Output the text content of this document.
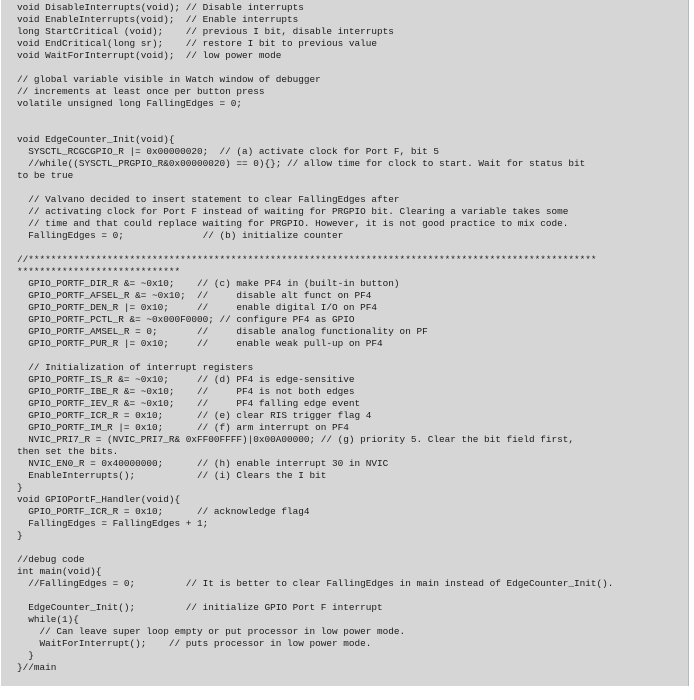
void DisableInterrupts(void); // Disable interrupts
void EnableInterrupts(void);  // Enable interrupts
long StartCritical (void);    // previous I bit, disable interrupts
void EndCritical(long sr);    // restore I bit to previous value
void WaitForInterrupt(void);  // low power mode
// global variable visible in Watch window of debugger
// increments at least once per button press
volatile unsigned long FallingEdges = 0;
void EdgeCounter_Init(void){
SYSCTL_RCGCGPIO_R |= 0x00000020;  // (a) activate clock for Port F, bit 5
//while((SYSCTL_PRGPIO_R&0x00000020) == 0){}; // allow time for clock to start. Wait for status bit
to be true
// Valvano decided to insert statement to clear FallingEdges after
// activating clock for Port F instead of waiting for PRGPIO bit. Clearing a variable takes some
// time and that could replace waiting for PRGPIO. However, it is not good practice to mix code.
FallingEdges = 0;              // (b) initialize counter
//*****************************************************************************************************
*****************************
GPIO_PORTF_DIR_R &= ~0x10;    // (c) make PF4 in (built-in button)
GPIO_PORTF_AFSEL_R &= ~0x10;  //     disable alt funct on PF4
GPIO_PORTF_DEN_R |= 0x10;     //     enable digital I/O on PF4
GPIO_PORTF_PCTL_R &= ~0x000F0000; // configure PF4 as GPIO
GPIO_PORTF_AMSEL_R = 0;       //     disable analog functionality on PF
GPIO_PORTF_PUR_R |= 0x10;     //     enable weak pull-up on PF4
// Initialization of interrupt registers
GPIO_PORTF_IS_R &= ~0x10;     // (d) PF4 is edge-sensitive
GPIO_PORTF_IBE_R &= ~0x10;    //     PF4 is not both edges
GPIO_PORTF_IEV_R &= ~0x10;    //     PF4 falling edge event
GPIO_PORTF_ICR_R = 0x10;      // (e) clear RIS trigger flag 4
GPIO_PORTF_IM_R |= 0x10;      // (f) arm interrupt on PF4
NVIC_PRI7_R = (NVIC_PRI7_R& 0xFF00FFFF)|0x00A00000; // (g) priority 5. Clear the bit field first,
then set the bits.
NVIC_EN0_R = 0x40000000;      // (h) enable interrupt 30 in NVIC
EnableInterrupts();           // (i) Clears the I bit
}
void GPIOPortF_Handler(void){
GPIO_PORTF_ICR_R = 0x10;      // acknowledge flag4
FallingEdges = FallingEdges + 1;
}
//debug code
int main(void){
//FallingEdges = 0;         // It is better to clear FallingEdges in main instead of EdgeCounter_Init().
EdgeCounter_Init();         // initialize GPIO Port F interrupt
while(1){
// Can leave super loop empty or put processor in low power mode.
WaitForInterrupt();    // puts processor in low power mode.
}
}//main
